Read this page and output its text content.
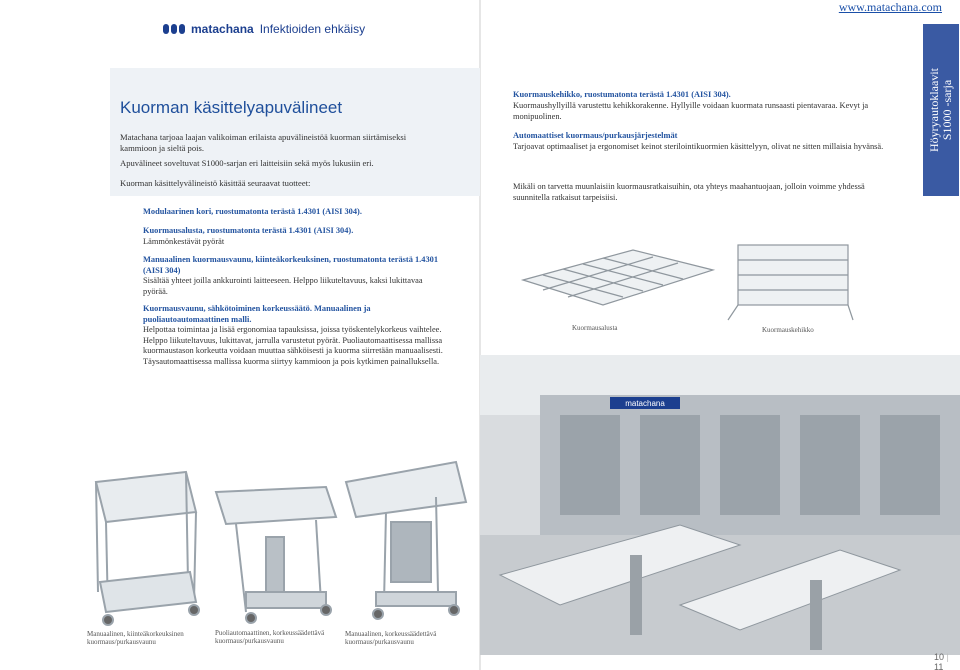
www.matachana.com
matachana Infektioiden ehkäisy
Kuorman käsittelyapuvälineet
Matachana tarjoaa laajan valikoiman erilaista apuvälineistöä kuorman siirtämiseksi kammioon ja sieltä pois.
Apuvälineet soveltuvat S1000-sarjan eri laitteisiin sekä myös lukusiin eri.
Kuorman käsittelyvälineistö käsittää seuraavat tuotteet:
Modulaarinen kori, ruostumatonta terästä 1.4301 (AISI 304).
Kuormausalusta, ruostumatonta terästä 1.4301 (AISI 304).
Lämmönkestävät pyörät
Manuaalinen kuormausvaunu, kiinteäkorkeuksinen, ruostumatonta terästä 1.4301 (AISI 304)
Sisältää yhteet joilla ankkurointi laitteeseen. Helppo liikuteltavuus, kaksi lukittavaa pyörää.
Kuormausvaunu, sähkötoiminen korkeussäätö. Manuaalinen ja puoliautoautomaattinen malli.
Helpottaa toimintaa ja lisää ergonomiaa tapauksissa, joissa työskentelykorkeus vaihtelee. Helppo liikuteltavuus, lukittavat, jarrulla varustetut pyörät. Puoliautomaattisessa mallissa kuormaustason korkeutta voidaan muuttaa sähköisesti ja kuorma siirretään manuaalisesti. Täysautomaattisessa mallissa kuorma siirtyy kammioon ja pois kytkimen painalluksella.
Manuaalinen, kiinteäkorkeuksinen kuormaus/purkausvaunu
Puoliautomaattinen, korkeussäädettävä kuormaus/purkausvaunu
Manuaalinen, korkeussäädettävä kuormaus/purkausvaunu
Kuormauskehikko, ruostumatonta terästä 1.4301 (AISI 304).
Kuormaushyllyillä varustettu kehikkorakenne. Hyllyille voidaan kuormata runsaasti pientavaraa. Kevyt ja monipuolinen.
Automaattiset kuormaus/purkausjärjestelmät
Tarjoavat optimaaliset ja ergonomiset keinot sterilointikuormien käsittelyyn, olivat ne sitten millaisia hyvänsä.
Mikäli on tarvetta muunlaisiin kuormausratkaisuihin, ota yhteys maahantuojaan, jolloin voimme yhdessä suunnitella ratkaisut tarpeisiisi.
Höyryautoklaavit S1000 -sarja
Kuormausalusta	Kuormauskehikko
matachana
10 | 11
